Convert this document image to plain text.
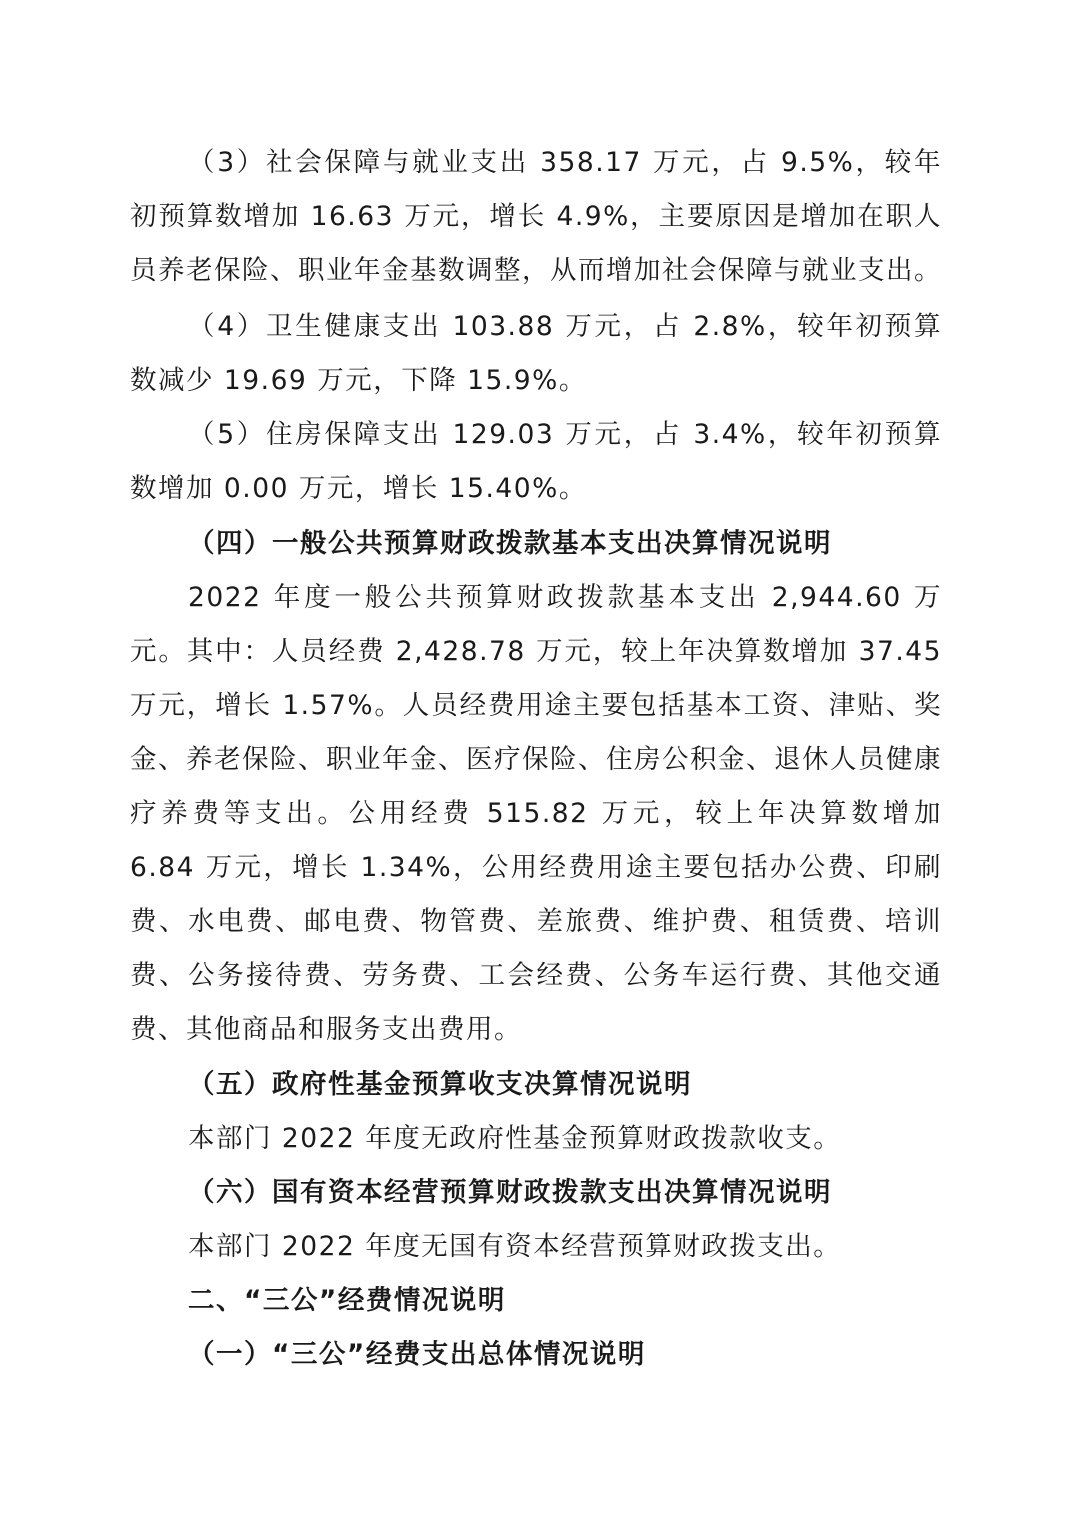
（3）社会保障与就业支出 358.17 万元，占 9.5%，较年初预算数增加 16.63 万元，增长 4.9%，主要原因是增加在职人员养老保险、职业年金基数调整，从而增加社会保障与就业支出。

（4）卫生健康支出 103.88 万元，占 2.8%，较年初预算数减少 19.69 万元，下降 15.9%。

（5）住房保障支出 129.03 万元，占 3.4%，较年初预算数增加 0.00 万元，增长 15.40%。

（四）一般公共预算财政拨款基本支出决算情况说明

2022 年度一般公共预算财政拨款基本支出 2,944.60 万元。其中：人员经费 2,428.78 万元，较上年决算数增加 37.45 万元，增长 1.57%。人员经费用途主要包括基本工资、津贴、奖金、养老保险、职业年金、医疗保险、住房公积金、退休人员健康疗养费等支出。公用经费 515.82 万元，较上年决算数增加 6.84 万元，增长 1.34%，公用经费用途主要包括办公费、印刷费、水电费、邮电费、物管费、差旅费、维护费、租赁费、培训费、公务接待费、劳务费、工会经费、公务车运行费、其他交通费、其他商品和服务支出费用。

（五）政府性基金预算收支决算情况说明

本部门 2022 年度无政府性基金预算财政拨款收支。

（六）国有资本经营预算财政拨款支出决算情况说明

本部门 2022 年度无国有资本经营预算财政拨支出。

二、“三公”经费情况说明

（一）“三公”经费支出总体情况说明
